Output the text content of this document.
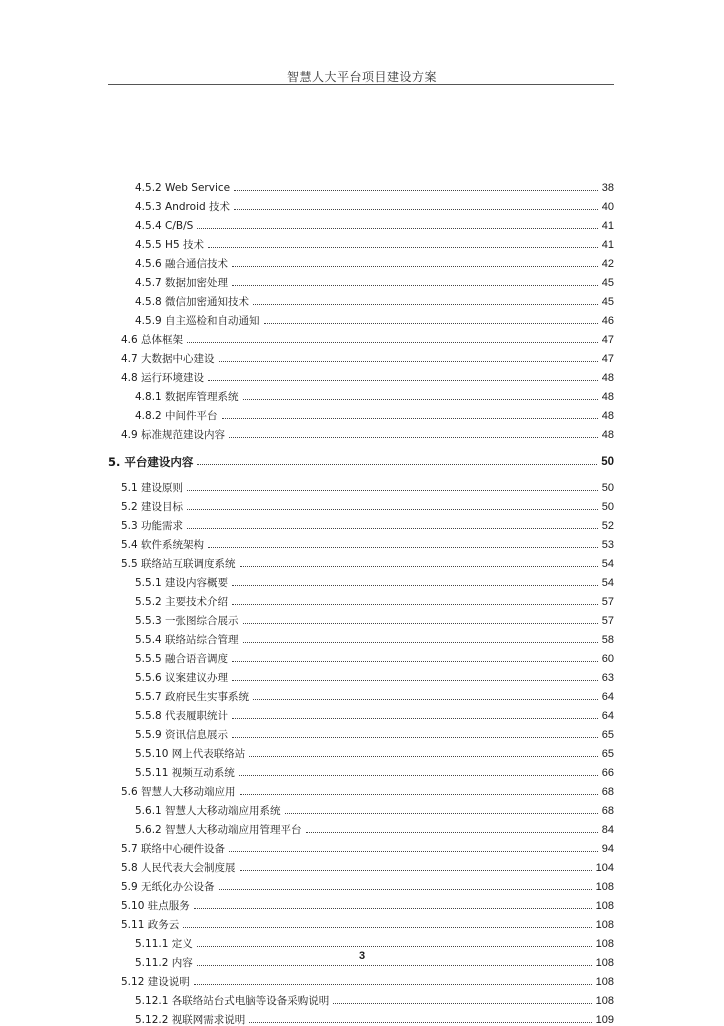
智慧人大平台项目建设方案
4.5.2 Web Service	38
4.5.3 Android 技术	40
4.5.4 C/B/S	41
4.5.5 H5 技术	41
4.5.6 融合通信技术	42
4.5.7 数据加密处理	45
4.5.8 微信加密通知技术	45
4.5.9 自主巡检和自动通知	46
4.6 总体框架	47
4.7 大数据中心建设	47
4.8 运行环境建设	48
4.8.1 数据库管理系统	48
4.8.2 中间件平台	48
4.9 标准规范建设内容	48
5. 平台建设内容	50
5.1 建设原则	50
5.2 建设目标	50
5.3 功能需求	52
5.4 软件系统架构	53
5.5 联络站互联调度系统	54
5.5.1 建设内容概要	54
5.5.2 主要技术介绍	57
5.5.3 一张图综合展示	57
5.5.4 联络站综合管理	58
5.5.5 融合语音调度	60
5.5.6 议案建议办理	63
5.5.7 政府民生实事系统	64
5.5.8 代表履职统计	64
5.5.9 资讯信息展示	65
5.5.10 网上代表联络站	65
5.5.11 视频互动系统	66
5.6 智慧人大移动端应用	68
5.6.1 智慧人大移动端应用系统	68
5.6.2 智慧人大移动端应用管理平台	84
5.7 联络中心硬件设备	94
5.8 人民代表大会制度展	104
5.9 无纸化办公设备	108
5.10 驻点服务	108
5.11 政务云	108
5.11.1 定义	108
5.11.2 内容	108
5.12 建设说明	108
5.12.1 各联络站台式电脑等设备采购说明	108
5.12.2 视联网需求说明	109
3
